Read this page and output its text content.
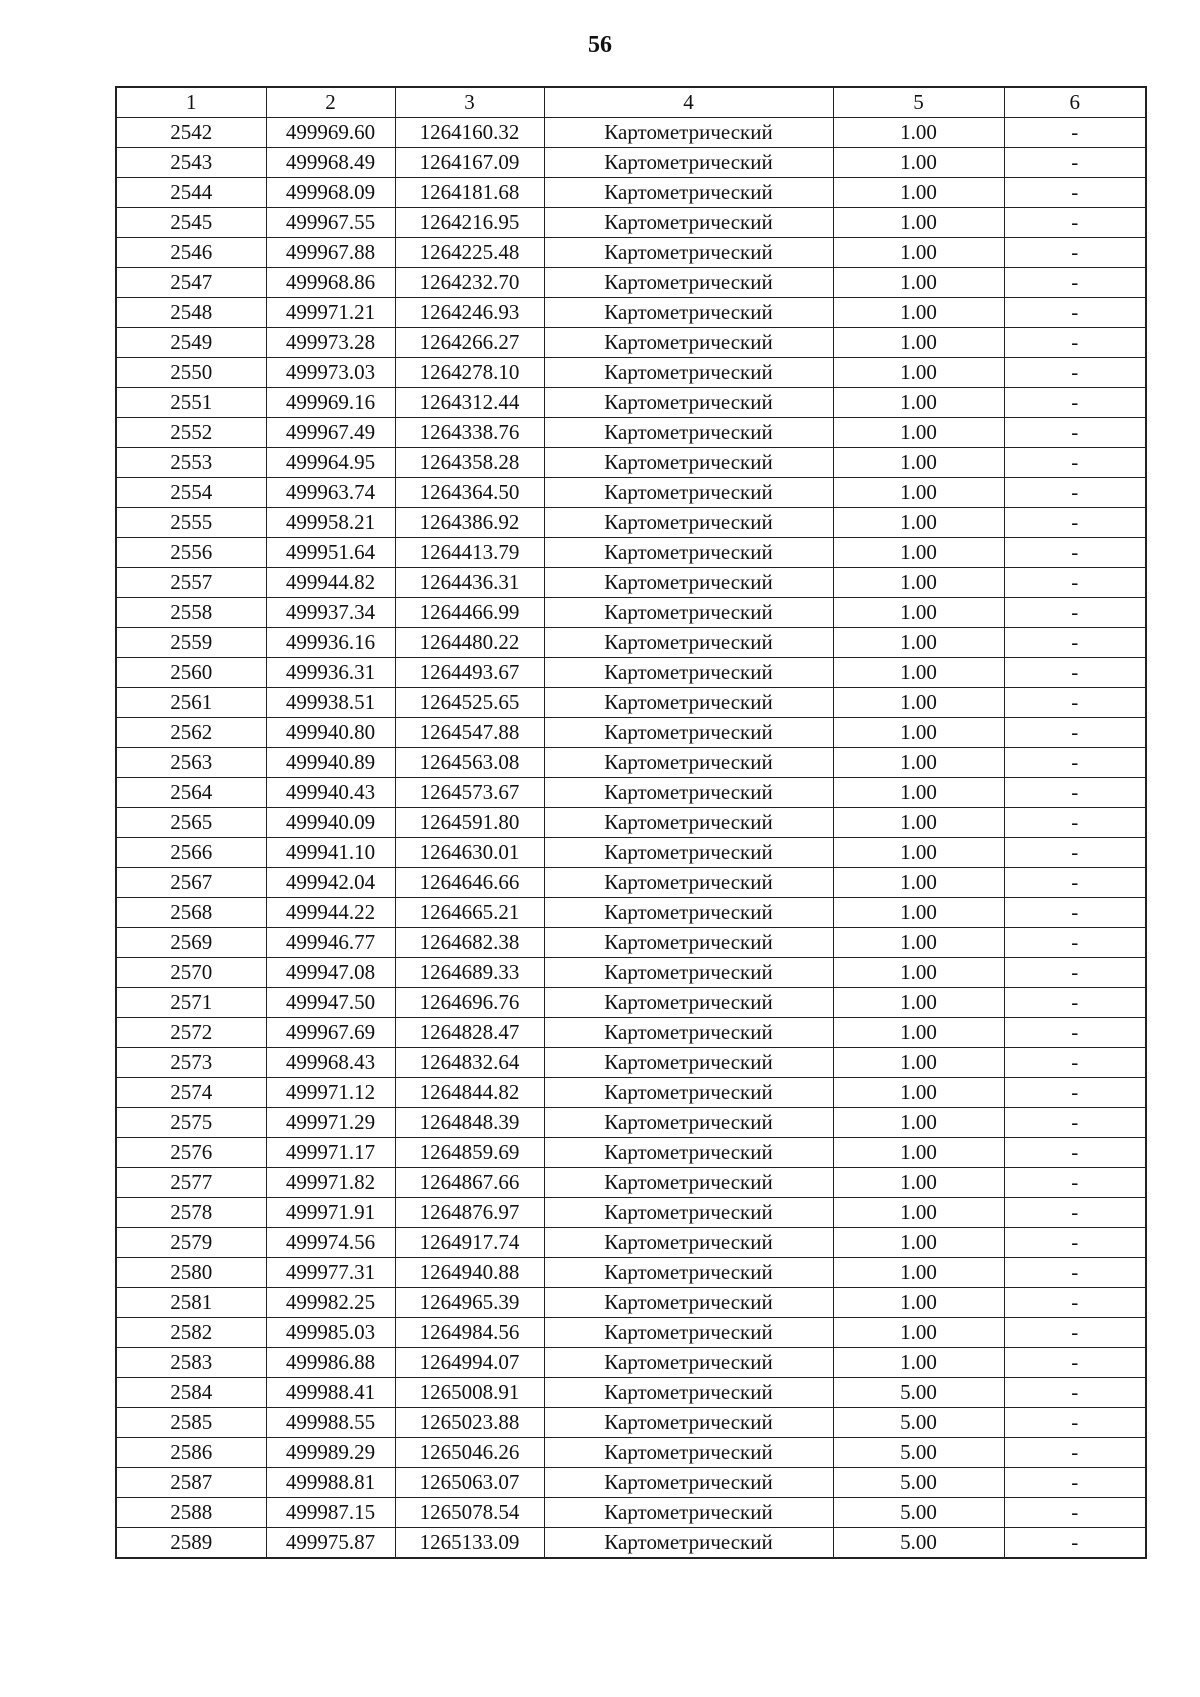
56
1	2	3	4	5	6
2542	499969.60	1264160.32	Картометрический	1.00	-
2543	499968.49	1264167.09	Картометрический	1.00	-
2544	499968.09	1264181.68	Картометрический	1.00	-
2545	499967.55	1264216.95	Картометрический	1.00	-
2546	499967.88	1264225.48	Картометрический	1.00	-
2547	499968.86	1264232.70	Картометрический	1.00	-
2548	499971.21	1264246.93	Картометрический	1.00	-
2549	499973.28	1264266.27	Картометрический	1.00	-
2550	499973.03	1264278.10	Картометрический	1.00	-
2551	499969.16	1264312.44	Картометрический	1.00	-
2552	499967.49	1264338.76	Картометрический	1.00	-
2553	499964.95	1264358.28	Картометрический	1.00	-
2554	499963.74	1264364.50	Картометрический	1.00	-
2555	499958.21	1264386.92	Картометрический	1.00	-
2556	499951.64	1264413.79	Картометрический	1.00	-
2557	499944.82	1264436.31	Картометрический	1.00	-
2558	499937.34	1264466.99	Картометрический	1.00	-
2559	499936.16	1264480.22	Картометрический	1.00	-
2560	499936.31	1264493.67	Картометрический	1.00	-
2561	499938.51	1264525.65	Картометрический	1.00	-
2562	499940.80	1264547.88	Картометрический	1.00	-
2563	499940.89	1264563.08	Картометрический	1.00	-
2564	499940.43	1264573.67	Картометрический	1.00	-
2565	499940.09	1264591.80	Картометрический	1.00	-
2566	499941.10	1264630.01	Картометрический	1.00	-
2567	499942.04	1264646.66	Картометрический	1.00	-
2568	499944.22	1264665.21	Картометрический	1.00	-
2569	499946.77	1264682.38	Картометрический	1.00	-
2570	499947.08	1264689.33	Картометрический	1.00	-
2571	499947.50	1264696.76	Картометрический	1.00	-
2572	499967.69	1264828.47	Картометрический	1.00	-
2573	499968.43	1264832.64	Картометрический	1.00	-
2574	499971.12	1264844.82	Картометрический	1.00	-
2575	499971.29	1264848.39	Картометрический	1.00	-
2576	499971.17	1264859.69	Картометрический	1.00	-
2577	499971.82	1264867.66	Картометрический	1.00	-
2578	499971.91	1264876.97	Картометрический	1.00	-
2579	499974.56	1264917.74	Картометрический	1.00	-
2580	499977.31	1264940.88	Картометрический	1.00	-
2581	499982.25	1264965.39	Картометрический	1.00	-
2582	499985.03	1264984.56	Картометрический	1.00	-
2583	499986.88	1264994.07	Картометрический	1.00	-
2584	499988.41	1265008.91	Картометрический	5.00	-
2585	499988.55	1265023.88	Картометрический	5.00	-
2586	499989.29	1265046.26	Картометрический	5.00	-
2587	499988.81	1265063.07	Картометрический	5.00	-
2588	499987.15	1265078.54	Картометрический	5.00	-
2589	499975.87	1265133.09	Картометрический	5.00	-
